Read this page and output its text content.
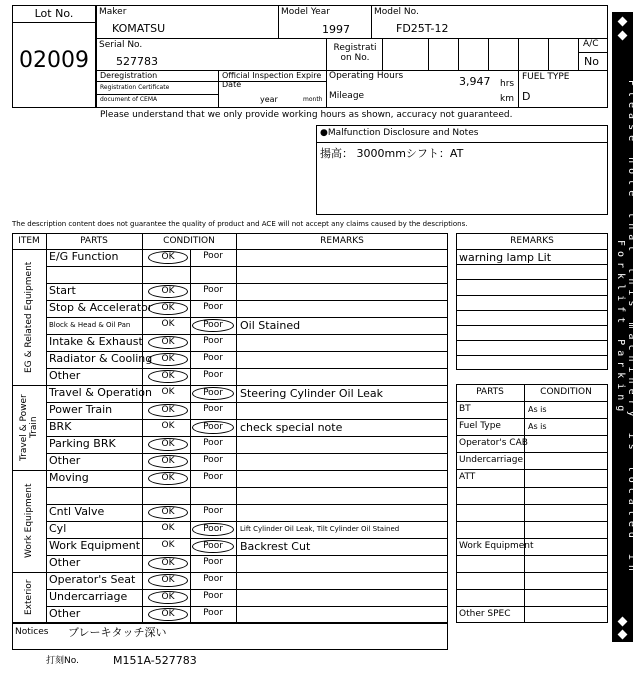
Lot No.
02009
Maker
KOMATSU
Model Year
1997
Model No.
FD25T-12
Serial No.
527783
Registrati on No.
A/C
No
Deregistration
Registration Certificate
document of CEMA
Official Inspection Expire Date
year	month
Operating Hours	3,947 hrs
Mileage	km
FUEL TYPE
D
Please understand that we only provide working hours as shown, accuracy not guaranteed.
●Malfunction Disclosure and Notes
揚高： 3000mmシフト：AT
The description content does not guarantee the quality of product and ACE will not accept any claims caused by the descriptions.
ITEM	PARTS	CONDITION	REMARKS
E/G Function	OK	Poor
Start	OK	Poor
Stop & Accelerator	OK	Poor
Block & Head & Oil Pan	OK	Poor	Oil Stained
Intake & Exhaust	OK	Poor
Radiator & Cooling	OK	Poor
Other	OK	Poor
EG & Related Equipment
Travel & Operation	OK	Poor	Steering Cylinder Oil Leak
Power Train	OK	Poor
BRK	OK	Poor	check special note
Parking BRK	OK	Poor
Other	OK	Poor
Travel & Power Train
Moving	OK	Poor
Cntl Valve	OK	Poor
Cyl	OK	Poor	Lift Cylinder Oil Leak, Tilt Cylinder Oil Stained
Work Equipment	OK	Poor	Backrest Cut
Other	OK	Poor
Work Equipment
Operator's Seat	OK	Poor
Undercarriage	OK	Poor
Other	OK	Poor
Exterior
REMARKS
warning lamp Lit
PARTS	CONDITION
BT	As is
Fuel Type	As is
Operator's CAB
Undercarriage
ATT
Work Equipment
Other SPEC
Notices ブレーキタッチ深い
打刻No.	M151A-527783
Please note that this machinery is located in Forklift Parking
